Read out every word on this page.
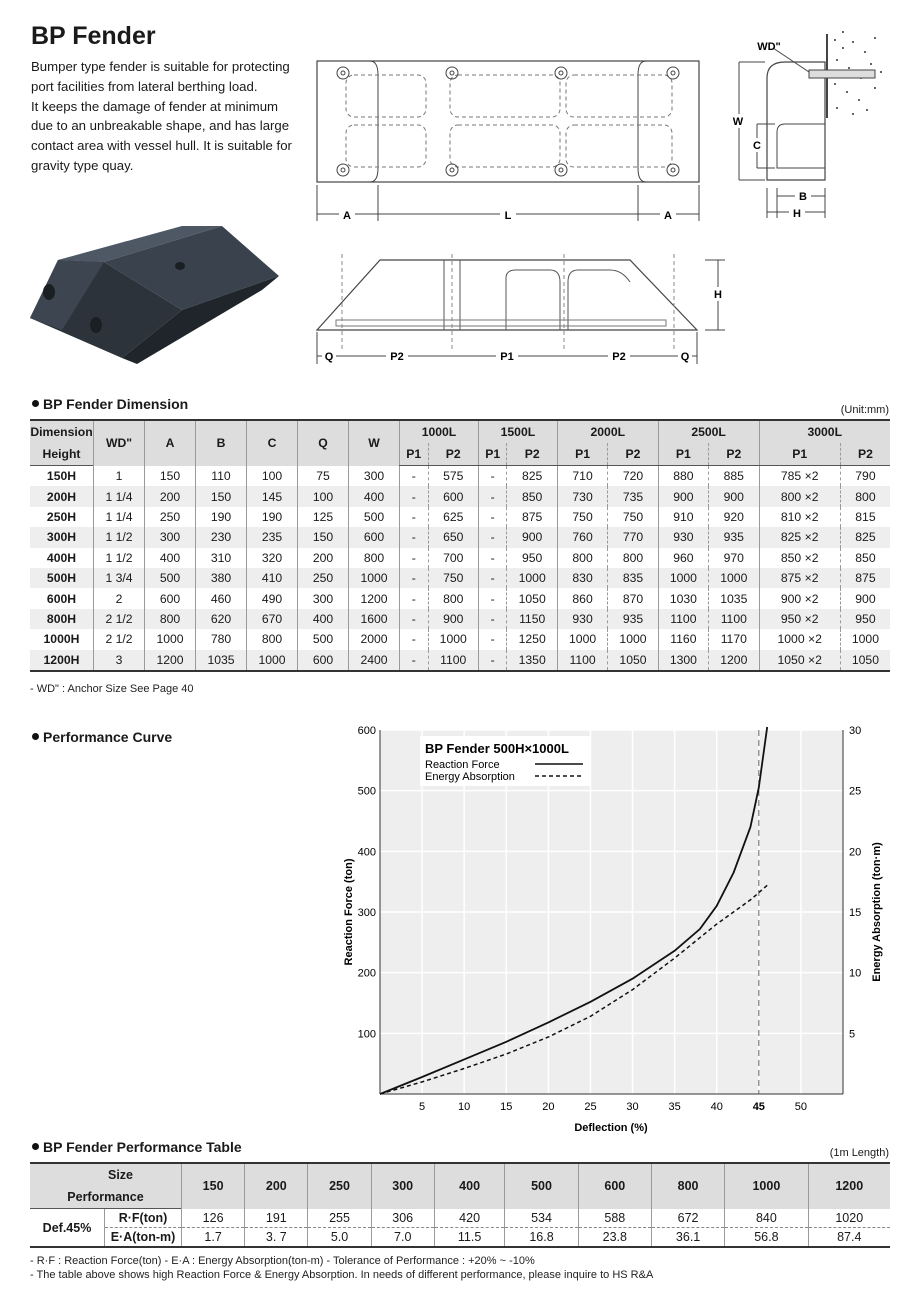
BP Fender

Bumper type fender is suitable for protecting port facilities from lateral berthing load.

It keeps the damage of fender at minimum due to an unbreakable shape, and has large contact area with vessel hull. It is suitable for gravity type quay.

A	L	A
WD"
W
C
B
H
Q	P2	P1	P2	Q
H
BP Fender Dimension	(Unit:mm)
Dimension	WD"	A	B	C	Q	W	1000L		1500L		2000L		2500L		3000L	
Height							P1	P2	P1	P2	P1	P2	P1	P2	P1	P2
150H	1	150	110	100	75	300	-	575	-	825	710	720	880	885	785 ×2	790
200H	1 1/4	200	150	145	100	400	-	600	-	850	730	735	900	900	800 ×2	800
250H	1 1/4	250	190	190	125	500	-	625	-	875	750	750	910	920	810 ×2	815
300H	1 1/2	300	230	235	150	600	-	650	-	900	760	770	930	935	825 ×2	825
400H	1 1/2	400	310	320	200	800	-	700	-	950	800	800	960	970	850 ×2	850
500H	1 3/4	500	380	410	250	1000	-	750	-	1000	830	835	1000	1000	875 ×2	875
600H	2	600	460	490	300	1200	-	800	-	1050	860	870	1030	1035	900 ×2	900
800H	2 1/2	800	620	670	400	1600	-	900	-	1150	930	935	1100	1100	950 ×2	950
1000H	2 1/2	1000	780	800	500	2000	-	1000	-	1250	1000	1000	1160	1170	1000 ×2	1000
1200H	3	1200	1035	1000	600	2400	-	1100	-	1350	1100	1050	1300	1200	1050 ×2	1050
- WD" : Anchor Size See Page 40
Performance Curve
5	10	15	20	25	30	35	40	45	50
100
200
300
400
500
600
5
10
15
20
25
30
BP Fender 500H×1000L
Reaction Force
Energy Absorption
Deflection (%)
Reaction Force (ton)	Energy Absorption (ton·m)
BP Fender Performance Table	(1m Length)
Size		150	200	250	300	400	500	600	800	1000	1200
Performance											
Def.45%	R·F(ton)	126	191	255	306	420	534	588	672	840	1020
	E·A(ton-m)	1.7	3. 7	5.0	7.0	11.5	16.8	23.8	36.1	56.8	87.4
- R·F : Reaction Force(ton) - E·A : Energy Absorption(ton-m) - Tolerance of Performance : +20% ~ -10%
- The table above shows high Reaction Force & Energy Absorption. In needs of different performance, please inquire to HS R&A
